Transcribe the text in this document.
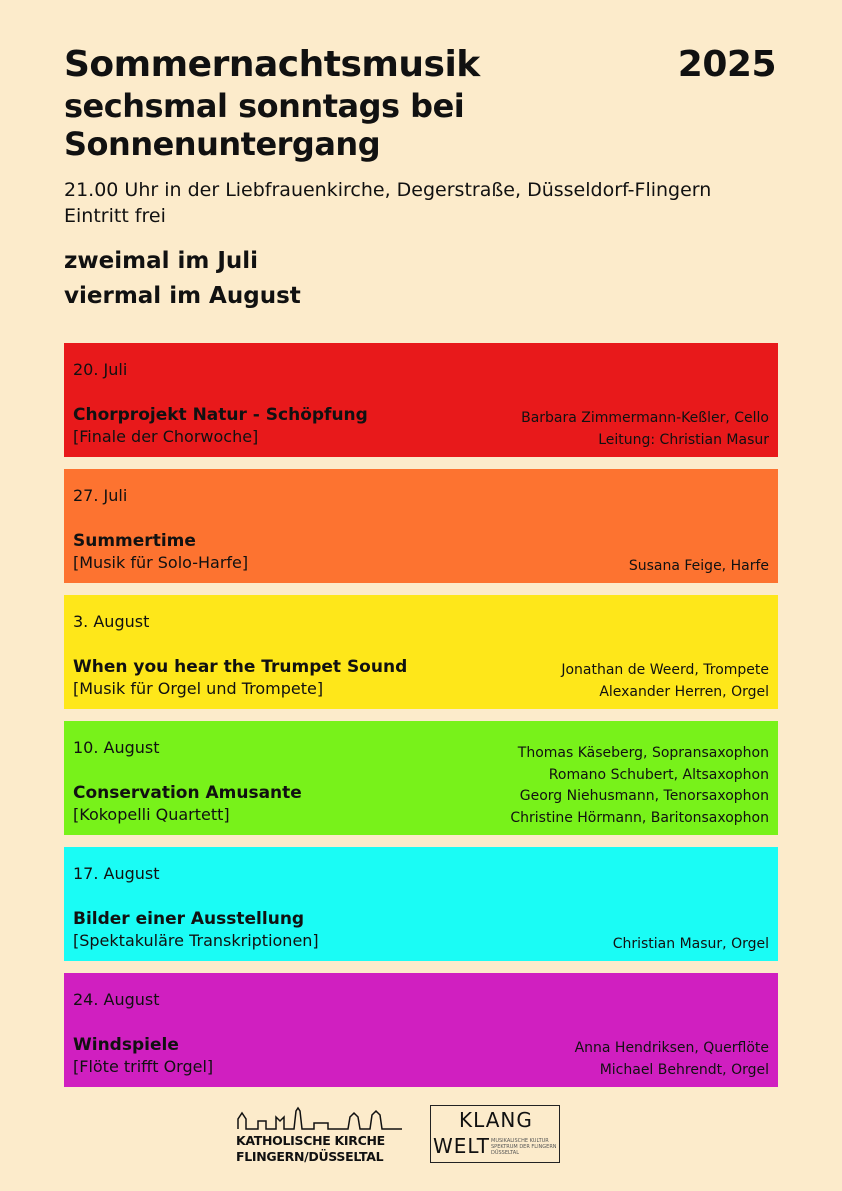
Sommernachtsmusik	2025
sechsmal sonntags bei Sonnenuntergang
21.00 Uhr in der Liebfrauenkirche, Degerstraße, Düsseldorf-Flingern
Eintritt frei
zweimal im Juli
viermal im August
20. Juli
Chorprojekt Natur - Schöpfung
[Finale der Chorwoche]
Barbara Zimmermann-Keßler, Cello
Leitung: Christian Masur
27. Juli
Summertime
[Musik für Solo-Harfe]	Susana Feige, Harfe
3. August
When you hear the Trumpet Sound
[Musik für Orgel und Trompete]
Jonathan de Weerd, Trompete
Alexander Herren, Orgel
10. August
Conservation Amusante
[Kokopelli Quartett]
Thomas Käseberg, Sopransaxophon
Romano Schubert, Altsaxophon
Georg Niehusmann, Tenorsaxophon
Christine Hörmann, Baritonsaxophon
17. August
Bilder einer Ausstellung
[Spektakuläre Transkriptionen]	Christian Masur, Orgel
24. August
Windspiele
[Flöte trifft Orgel]
Anna Hendriksen, Querflöte
Michael Behrendt, Orgel
KATHOLISCHE KIRCHE
FLINGERN/DÜSSELTAL
KLANG
WELT MUSIKALISCHE KULTUR SPEKTRUM DER FLINGERN DÜSSELTAL
